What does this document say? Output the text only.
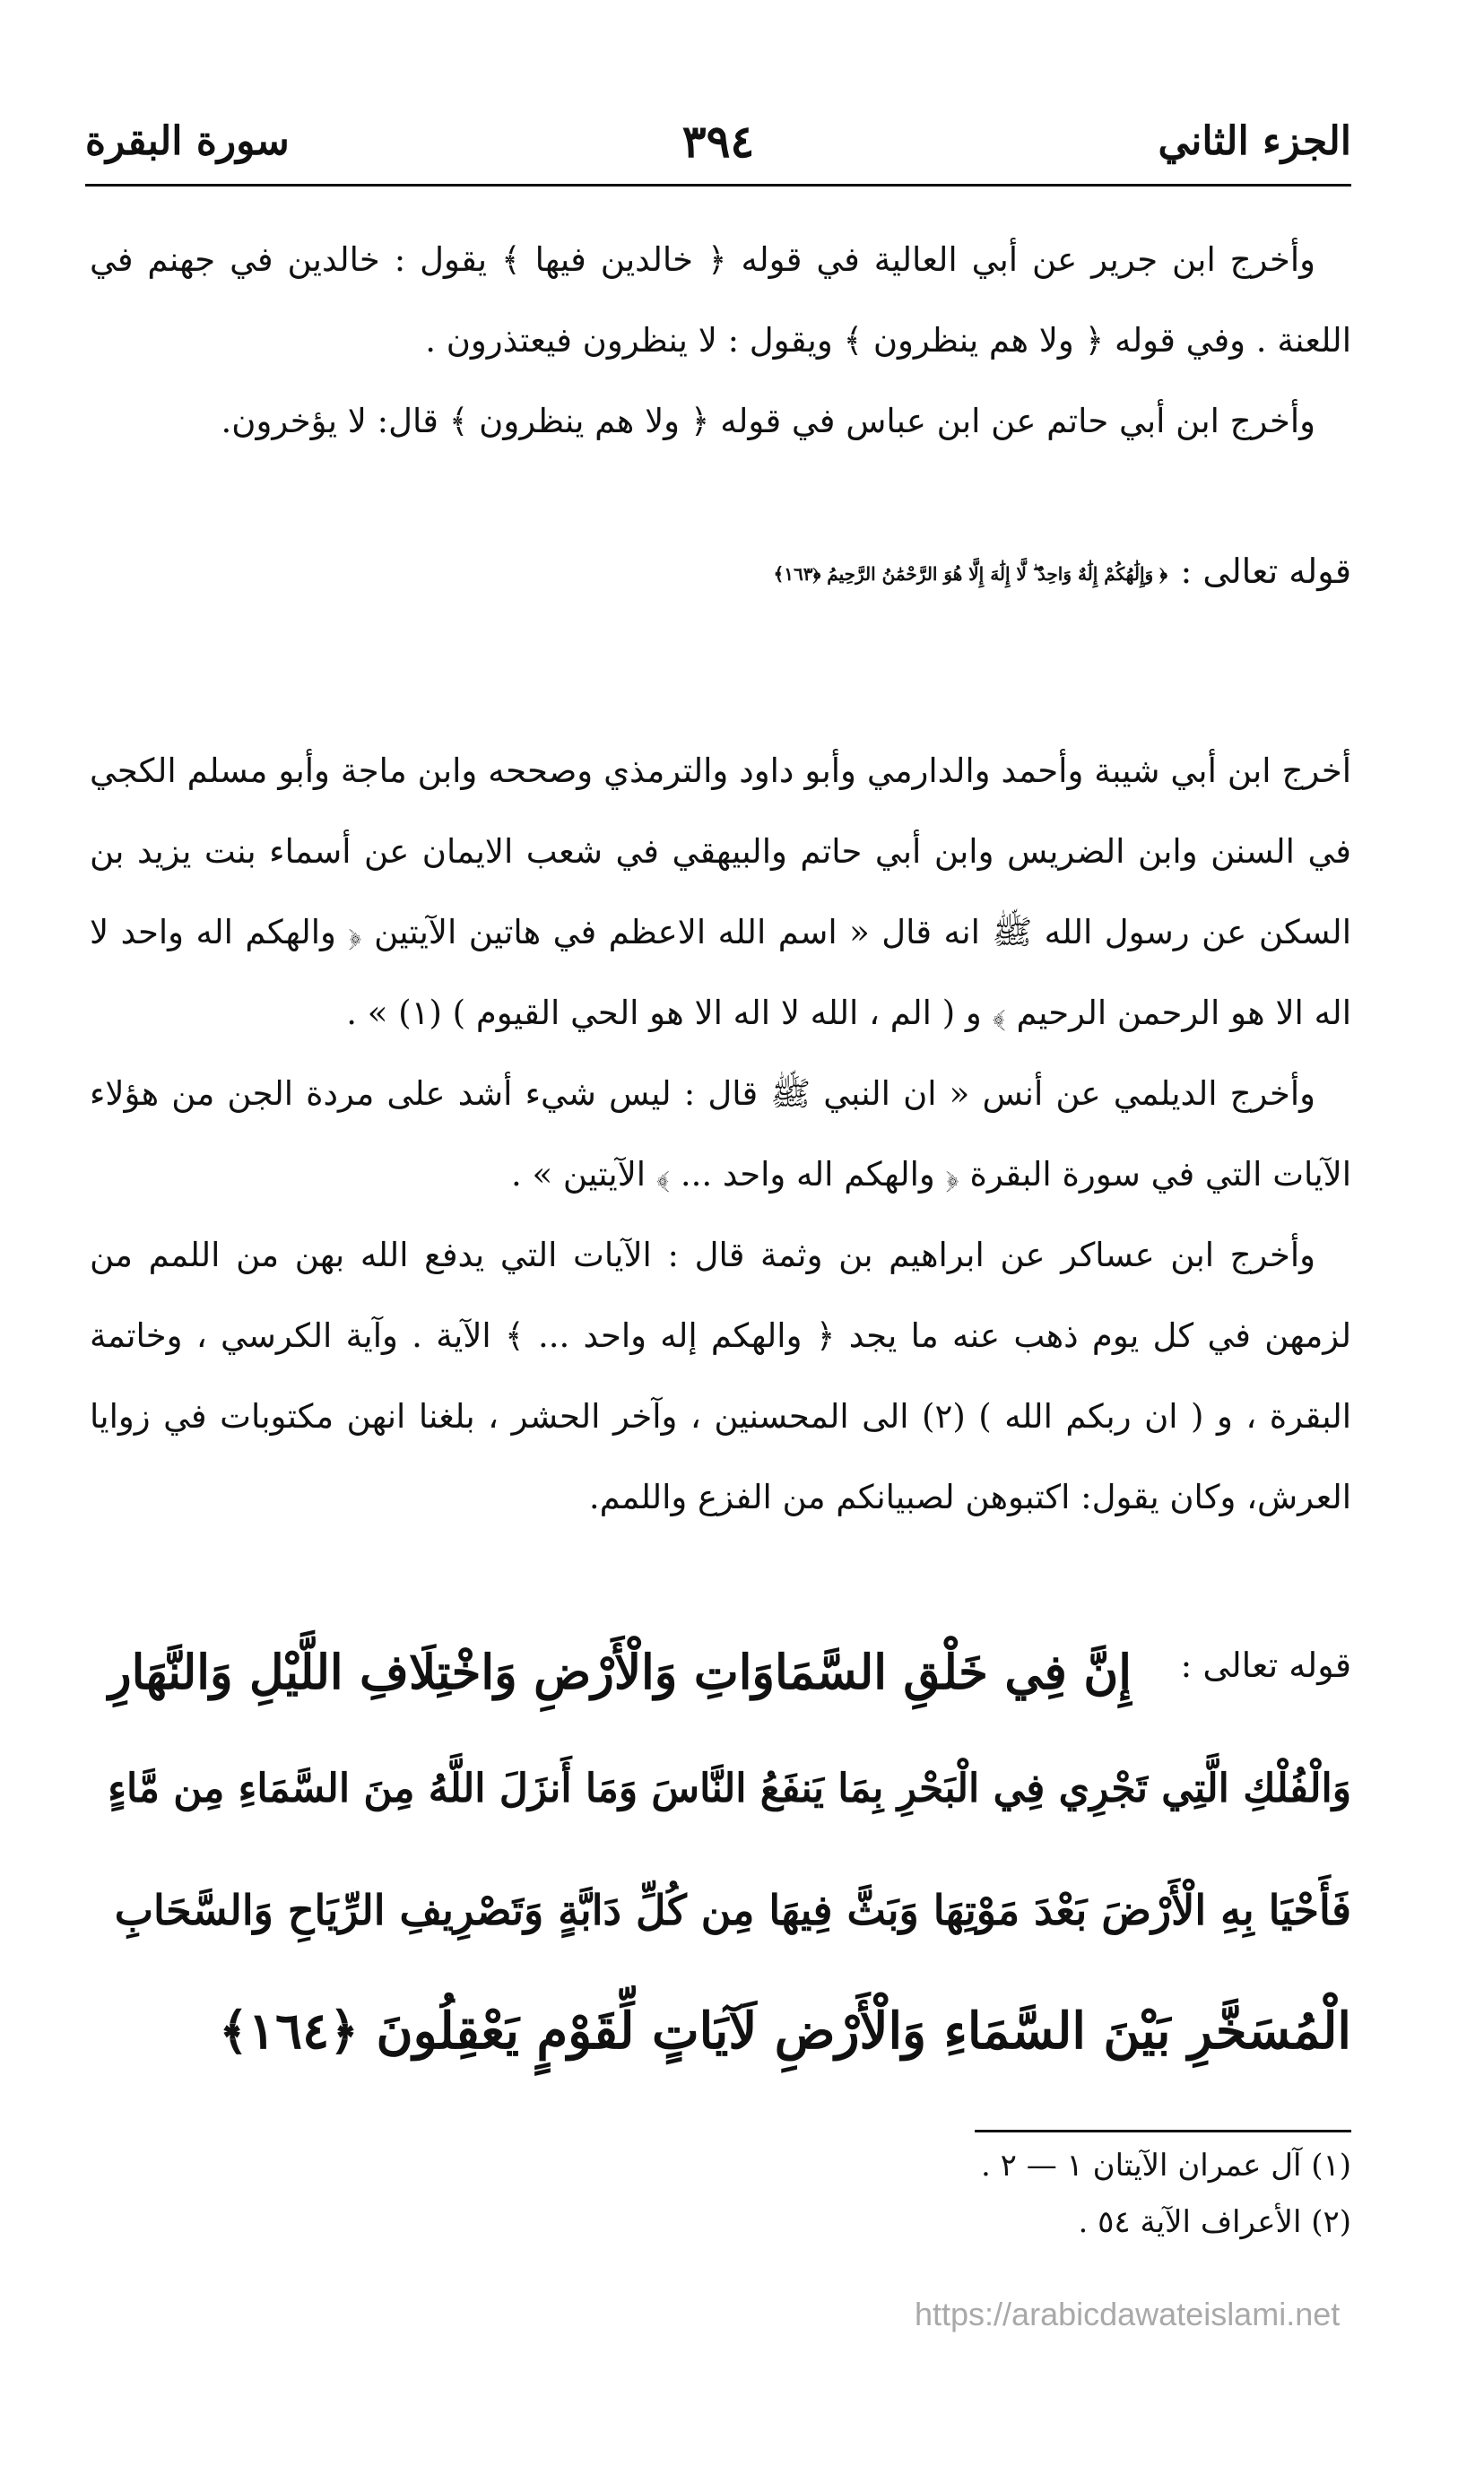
الجزء الثاني
٣٩٤
سورة البقرة

وأخرج ابن جرير عن أبي العالية في قوله ﴿ خالدين فيها ﴾ يقول : خالدين في جهنم في اللعنة . وفي قوله ﴿ ولا هم ينظرون ﴾ ويقول : لا ينظرون فيعتذرون .

وأخرج ابن أبي حاتم عن ابن عباس في قوله ﴿ ولا هم ينظرون ﴾ قال: لا يؤخرون.

قوله تعالى :
﴿ وَإِلَٰهُكُمْ إِلَٰهٌ وَاحِدٌ ۖ لَّا إِلَٰهَ إِلَّا هُوَ الرَّحْمَٰنُ الرَّحِيمُ ﴿١٦٣﴾

أخرج ابن أبي شيبة وأحمد والدارمي وأبو داود والترمذي وصححه وابن ماجة وأبو مسلم الكجي في السنن وابن الضريس وابن أبي حاتم والبيهقي في شعب الايمان عن أسماء بنت يزيد بن السكن عن رسول الله ﷺ انه قال « اسم الله الاعظم في هاتين الآيتين ﴿ والهكم اله واحد لا اله الا هو الرحمن الرحيم ﴾ و ( الم ، الله لا اله الا هو الحي القيوم ) (١) » .

وأخرج الديلمي عن أنس « ان النبي ﷺ قال : ليس شيء أشد على مردة الجن من هؤلاء الآيات التي في سورة البقرة ﴿ والهكم اله واحد ... ﴾ الآيتين » .

وأخرج ابن عساكر عن ابراهيم بن وثمة قال : الآيات التي يدفع الله بهن من اللمم من لزمهن في كل يوم ذهب عنه ما يجد ﴿ والهكم إله واحد ... ﴾ الآية . وآية الكرسي ، وخاتمة البقرة ، و ( ان ربكم الله ) (٢) الى المحسنين ، وآخر الحشر ، بلغنا انهن مكتوبات في زوايا العرش، وكان يقول: اكتبوهن لصبيانكم من الفزع واللمم.

قوله تعالى :
إِنَّ فِي خَلْقِ السَّمَاوَاتِ وَالْأَرْضِ وَاخْتِلَافِ اللَّيْلِ وَالنَّهَارِ
وَالْفُلْكِ الَّتِي تَجْرِي فِي الْبَحْرِ بِمَا يَنفَعُ النَّاسَ وَمَا أَنزَلَ اللَّهُ مِنَ السَّمَاءِ مِن مَّاءٍ
فَأَحْيَا بِهِ الْأَرْضَ بَعْدَ مَوْتِهَا وَبَثَّ فِيهَا مِن كُلِّ دَابَّةٍ وَتَصْرِيفِ الرِّيَاحِ وَالسَّحَابِ
الْمُسَخَّرِ بَيْنَ السَّمَاءِ وَالْأَرْضِ لَآيَاتٍ لِّقَوْمٍ يَعْقِلُونَ ﴿١٦٤﴾
(١) آل عمران الآيتان ١ — ٢ .
(٢) الأعراف الآية ٥٤ .
https://arabicdawateislami.net
